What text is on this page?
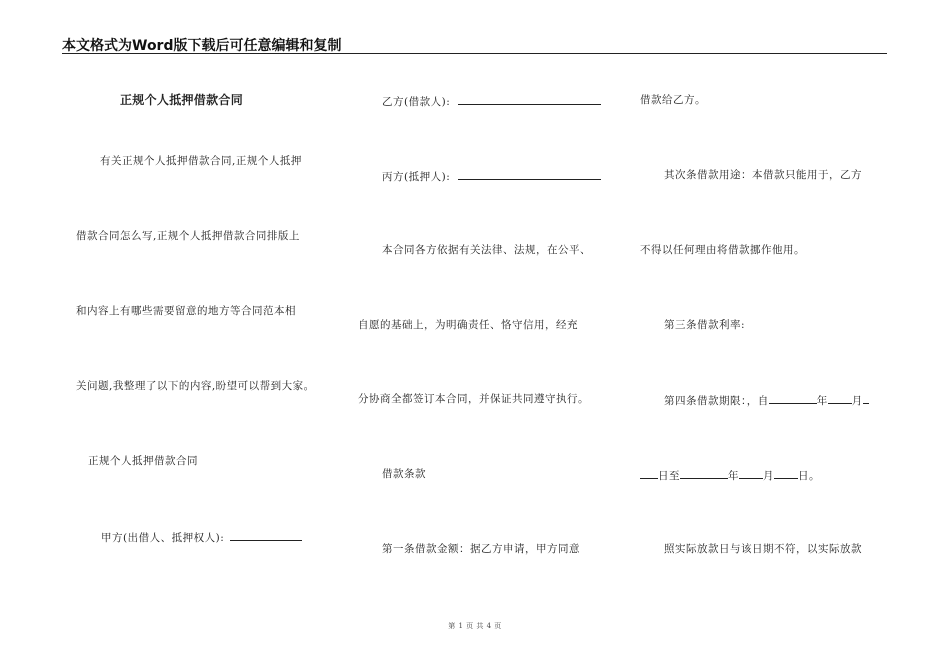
本文格式为Word版下载后可任意编辑和复制
正规个人抵押借款合同
有关正规个人抵押借款合同,正规个人抵押
借款合同怎么写,正规个人抵押借款合同排版上
和内容上有哪些需要留意的地方等合同范本相
关问题,我整理了以下的内容,盼望可以帮到大家。
正规个人抵押借款合同
甲方(出借人、抵押权人):
乙方(借款人):
丙方(抵押人):
本合同各方依据有关法律、法规，在公平、
自愿的基础上，为明确责任、恪守信用，经充
分协商全都签订本合同，并保证共同遵守执行。
借款条款
第一条借款金额：据乙方申请，甲方同意
借款给乙方。
其次条借款用途：本借款只能用于，乙方
不得以任何理由将借款挪作他用。
第三条借款利率:
第四条借款期限：，自	年 月
日至	年 月 日。
照实际放款日与该日期不符，以实际放款
第 1 页 共 4 页
